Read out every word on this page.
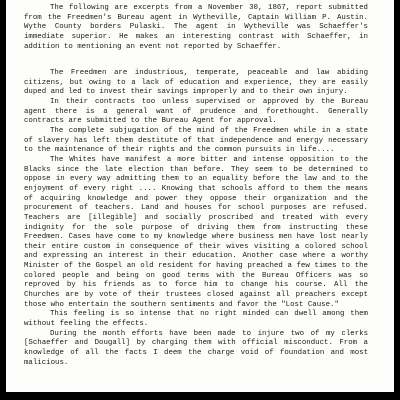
The following are excerpts from a November 30, 1867, report submitted from the Freedmen's Bureau agent in Wytheville, Captain William P. Austin. Wythe County borders Pulaski. The agent in Wytheville was Schaeffer's immediate superior. He makes an interesting contrast with Schaeffer, in addition to mentioning an event not reported by Schaeffer.

The Freedmen are industrious, temperate, peaceable and law abiding citizens, but owing to a lack of education and experience, they are easily duped and led to invest their savings improperly and to their own injury.

In their contracts too unless supervised or approved by the Bureau agent there is a general want of prudence and forethought. Generally contracts are submitted to the Bureau Agent for approval.

The complete subjugation of the mind of the Freedmen while in a state of slavery has left them destitute of that independence and energy necessary to the maintenance of their rights and the common pursuits in life....

The Whites have manifest a more bitter and intense opposition to the Blacks since the late election than before. They seem to be determined to oppose in every way admitting them to an equality before the law and to the enjoyment of every right .... Knowing that schools afford to them the means of acquiring knowledge and power they oppose their organization and the procurement of teachers. Land and houses for school purposes are refused. Teachers are [illegible] and socially proscribed and treated with every indignity for the sole purpose of driving them from instructing these Freedmen. Cases have come to my knowledge where business men have lost nearly their entire custom in consequence of their wives visiting a colored school and expressing an interest in their education. Another case where a worthy Minister of the Gospel an old resident for having preached a few times to the colored people and being on good terms with the Bureau Officers was so reproved by his friends as to force him to change his course. All the Churches are by vote of their trustees closed against all preachers except those who entertain the southern sentiments and favor the "Lost Cause."

This feeling is so intense that no right minded can dwell among them without feeling the effects.

During the month efforts have been made to injure two of my clerks [Schaeffer and Dougall] by charging them with official misconduct. From a knowledge of all the facts I deem the charge void of foundation and most malicious.
